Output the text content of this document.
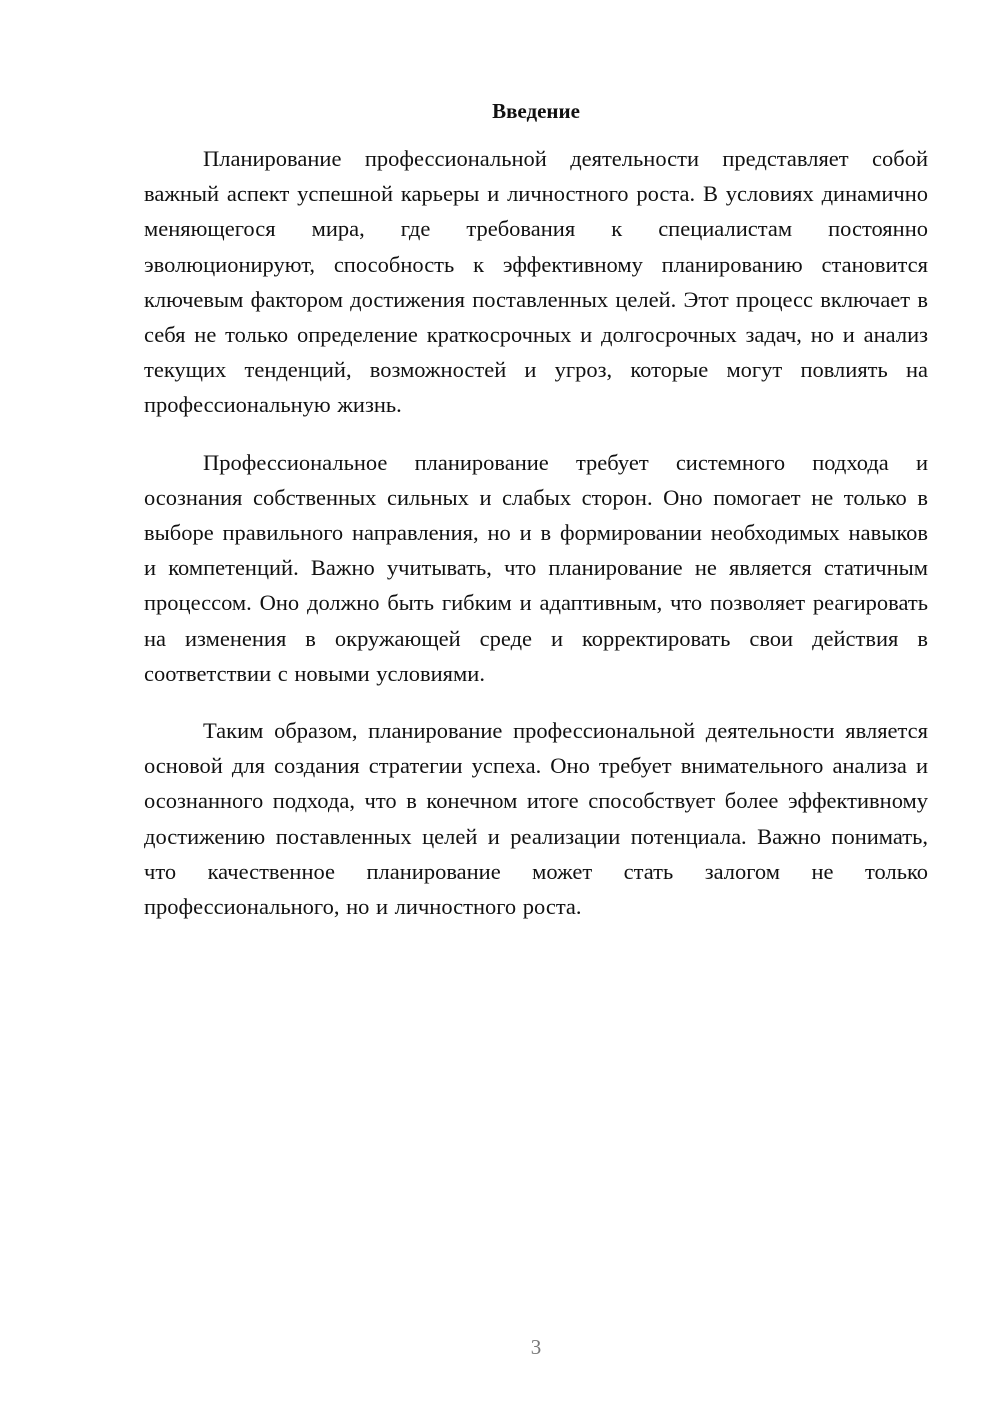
Введение

Планирование профессиональной деятельности представляет собой важный аспект успешной карьеры и личностного роста. В условиях динамично меняющегося мира, где требования к специалистам постоянно эволюционируют, способность к эффективному планированию становится ключевым фактором достижения поставленных целей. Этот процесс включает в себя не только определение краткосрочных и долгосрочных задач, но и анализ текущих тенденций, возможностей и угроз, которые могут повлиять на профессиональную жизнь.

Профессиональное планирование требует системного подхода и осознания собственных сильных и слабых сторон. Оно помогает не только в выборе правильного направления, но и в формировании необходимых навыков и компетенций. Важно учитывать, что планирование не является статичным процессом. Оно должно быть гибким и адаптивным, что позволяет реагировать на изменения в окружающей среде и корректировать свои действия в соответствии с новыми условиями.

Таким образом, планирование профессиональной деятельности является основой для создания стратегии успеха. Оно требует внимательного анализа и осознанного подхода, что в конечном итоге способствует более эффективному достижению поставленных целей и реализации потенциала. Важно понимать, что качественное планирование может стать залогом не только профессионального, но и личностного роста.

3
